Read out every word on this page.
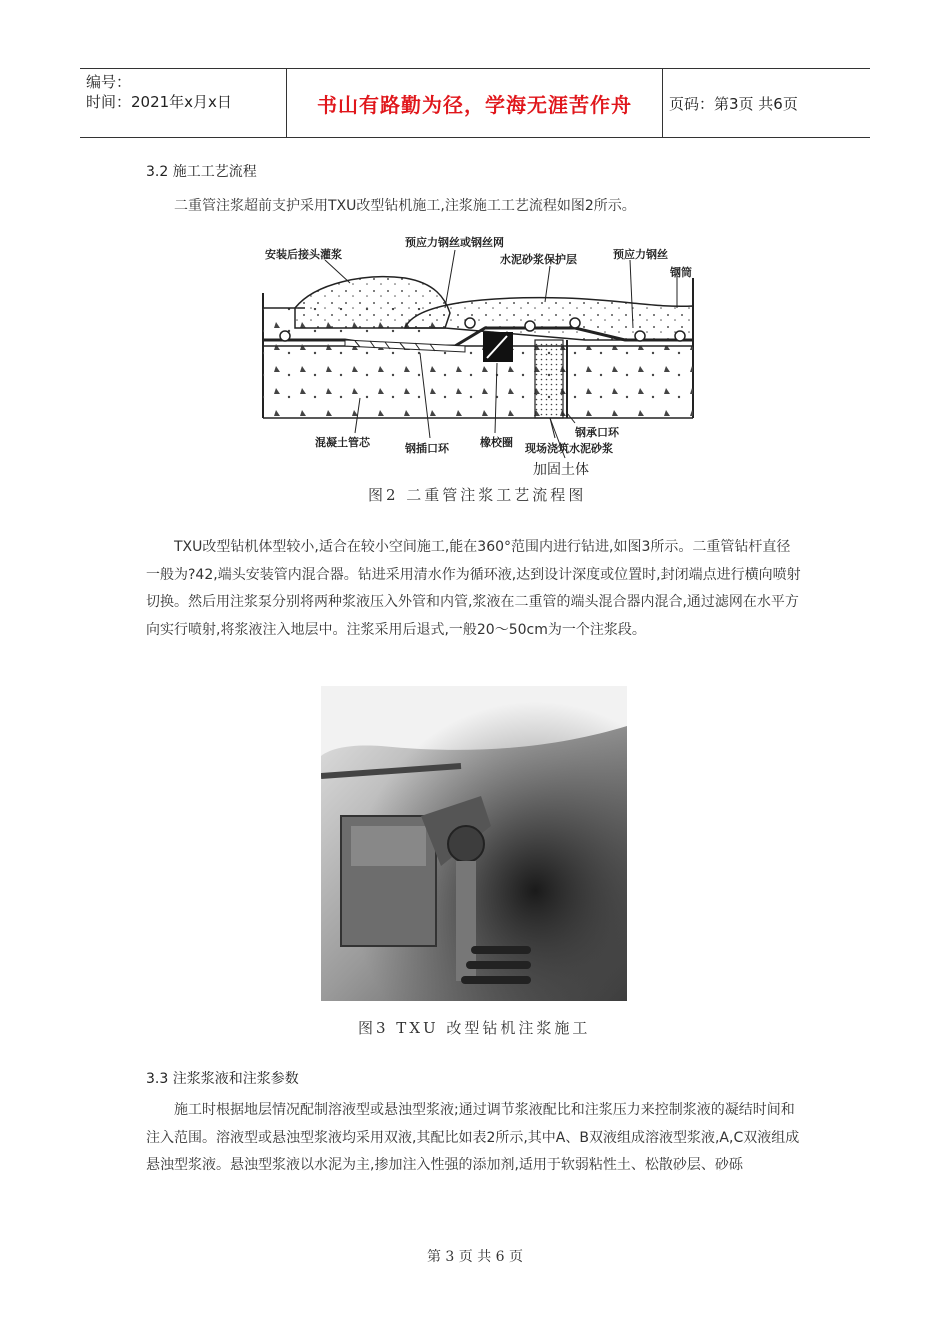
编号：
时间：2021年x月x日	书山有路勤为径，学海无涯苦作舟	页码：第3页 共6页
3.2 施工工艺流程
二重管注浆超前支护采用TXU改型钻机施工,注浆施工工艺流程如图2所示。
安装后接头灌浆
预应力钢丝或钢丝网
水泥砂浆保护层	预应力钢丝
钢筒
混凝土管芯	钢插口环	橡校圈
钢承口环
现场浇筑水泥砂浆
加固土体
图2 二重管注浆工艺流程图
TXU改型钻机体型较小,适合在较小空间施工,能在360°范围内进行钻进,如图3所示。二重管钻杆直径一般为?42,端头安装管内混合器。钻进采用清水作为循环液,达到设计深度或位置时,封闭端点进行横向喷射切换。然后用注浆泵分别将两种浆液压入外管和内管,浆液在二重管的端头混合器内混合,通过滤网在水平方向实行喷射,将浆液注入地层中。注浆采用后退式,一般20～50cm为一个注浆段。
图3 TXU 改型钻机注浆施工
3.3 注浆浆液和注浆参数
施工时根据地层情况配制溶液型或悬浊型浆液;通过调节浆液配比和注浆压力来控制浆液的凝结时间和注入范围。溶液型或悬浊型浆液均采用双液,其配比如表2所示,其中A、B双液组成溶液型浆液,A,C双液组成悬浊型浆液。悬浊型浆液以水泥为主,掺加注入性强的添加剂,适用于软弱粘性土、松散砂层、砂砾
第 3 页 共 6 页
